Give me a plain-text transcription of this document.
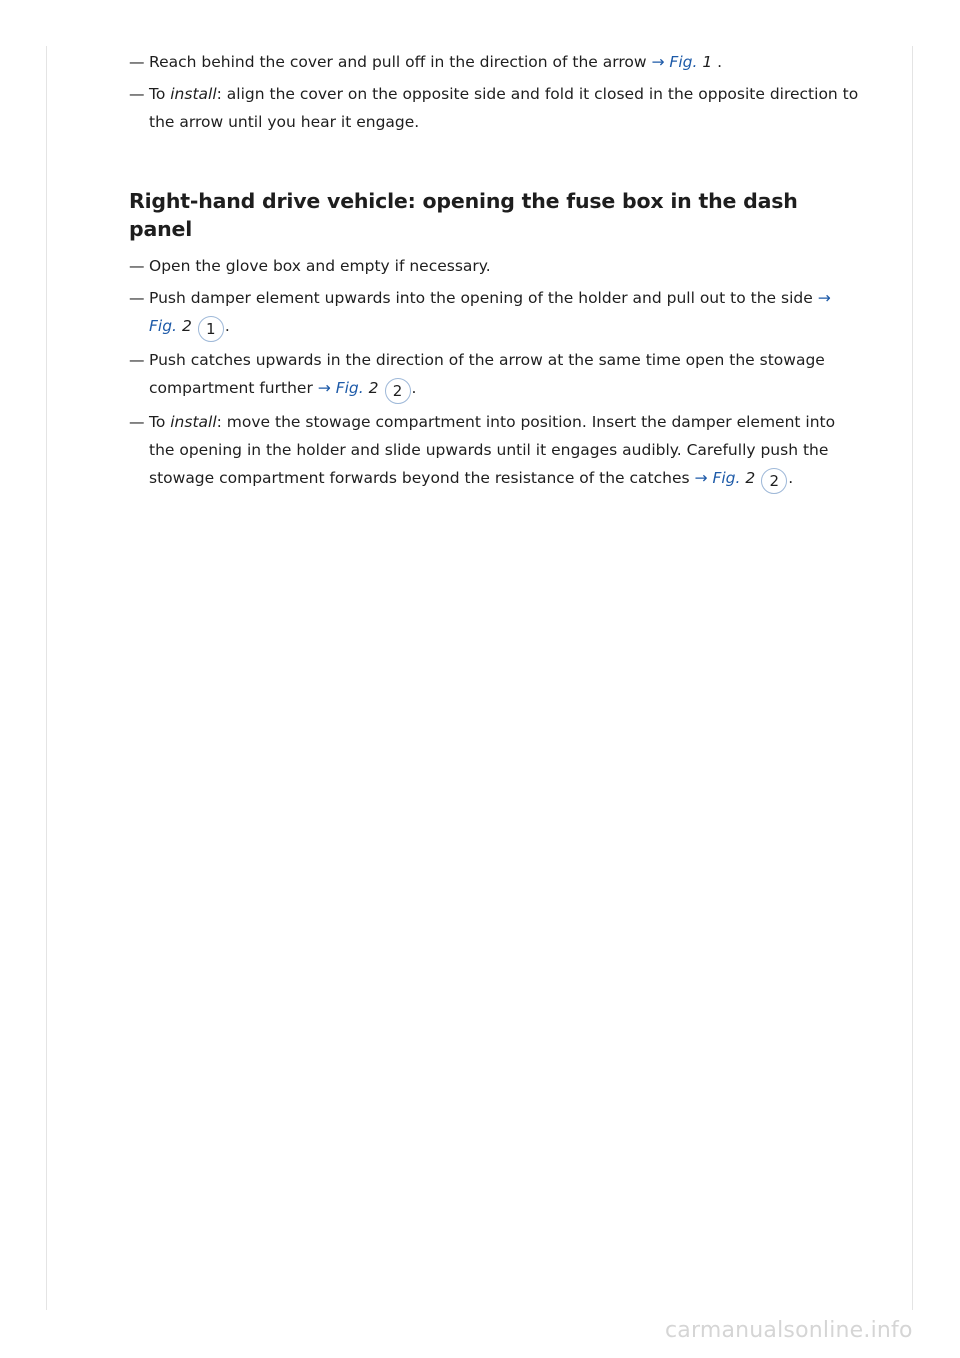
— Reach behind the cover and pull off in the direction of the arrow → Fig. 1 .

— To install: align the cover on the opposite side and fold it closed in the opposite direction to the arrow until you hear it engage.

Right-hand drive vehicle: opening the fuse box in the dash panel

— Open the glove box and empty if necessary.

— Push damper element upwards into the opening of the holder and pull out to the side → Fig. 2 1 .

— Push catches upwards in the direction of the arrow at the same time open the stowage compartment further → Fig. 2 2 .

— To install: move the stowage compartment into position. Insert the damper element into the opening in the holder and slide upwards until it engages audibly. Carefully push the stowage compartment forwards beyond the resistance of the catches → Fig. 2 2 .

carmanualsonline.info
